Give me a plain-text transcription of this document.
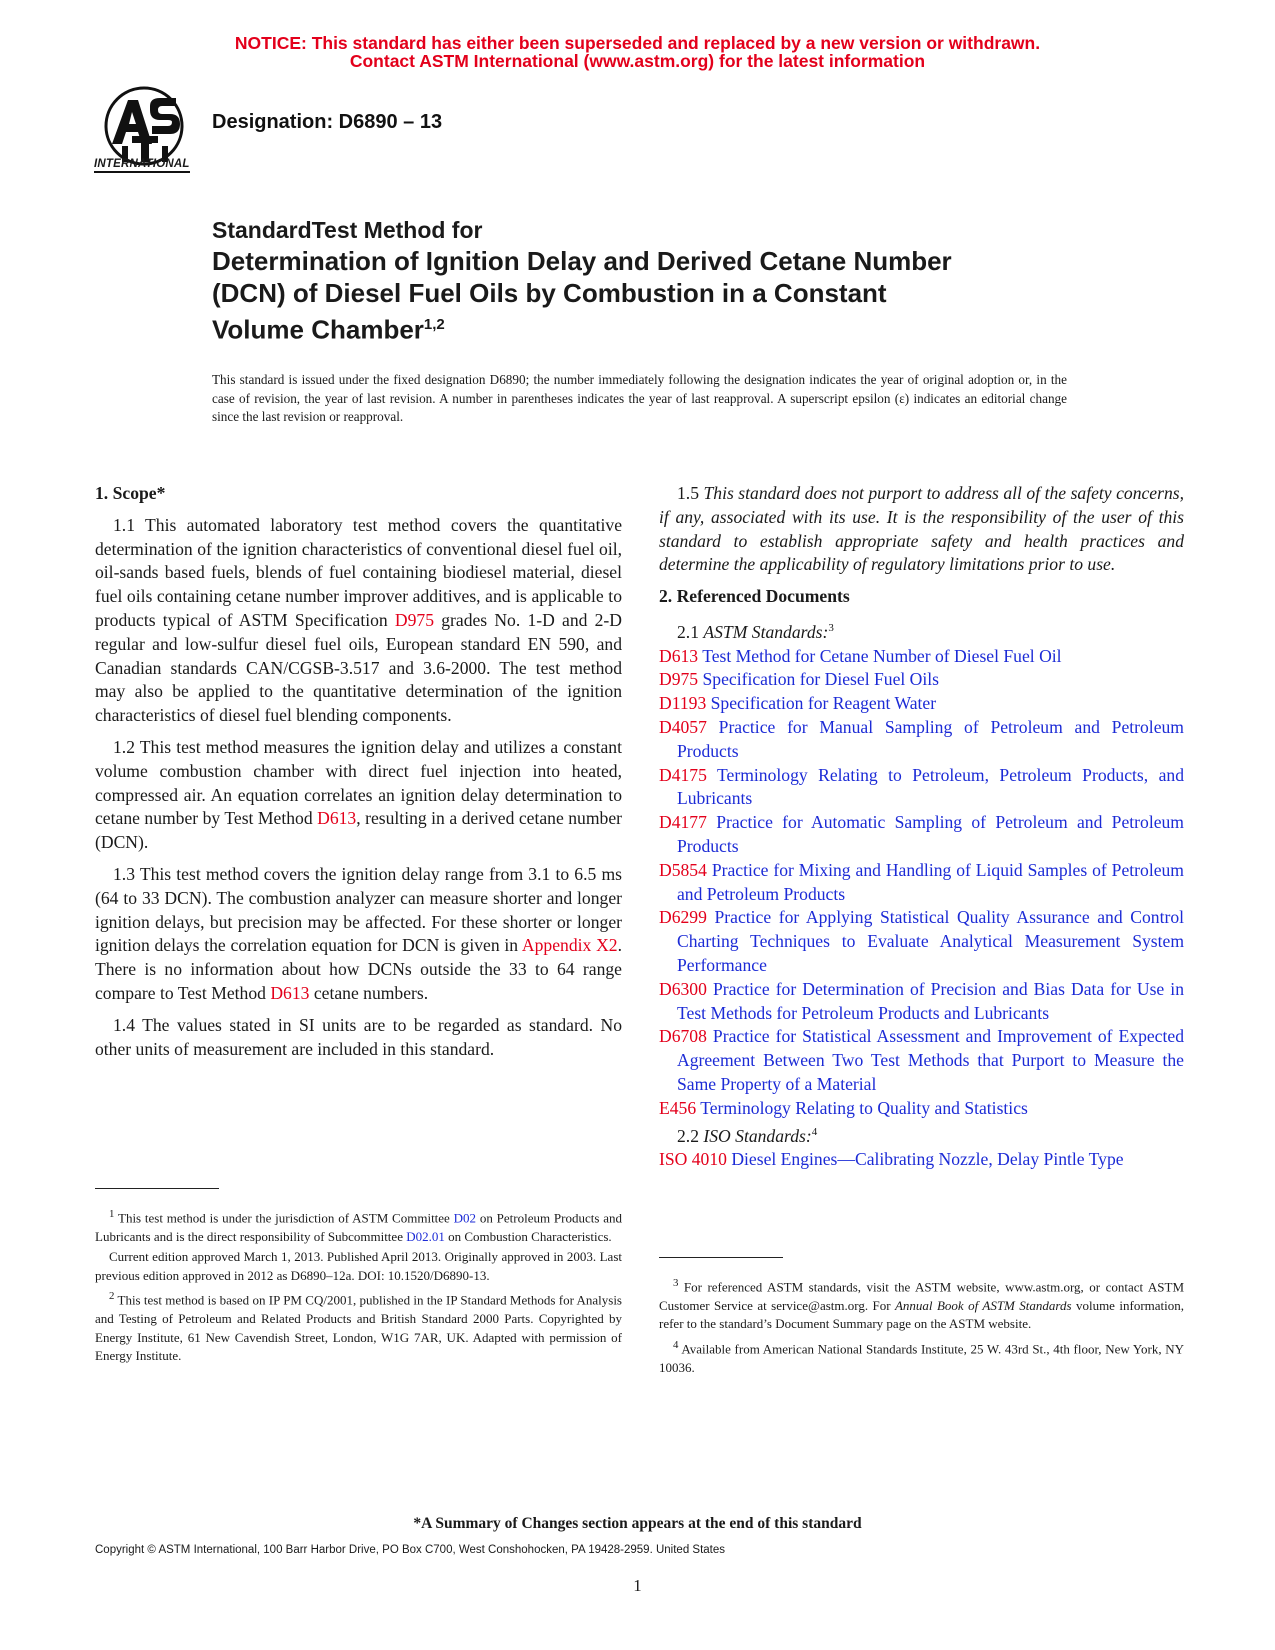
NOTICE: This standard has either been superseded and replaced by a new version or withdrawn.
Contact ASTM International (www.astm.org) for the latest information
INTERNATIONAL
Designation: D6890 – 13
StandardTest Method for
Determination of Ignition Delay and Derived Cetane Number
(DCN) of Diesel Fuel Oils by Combustion in a Constant
Volume Chamber$^{1,2}$
This standard is issued under the fixed designation D6890; the number immediately following the designation indicates the year of original adoption or, in the case of revision, the year of last revision. A number in parentheses indicates the year of last reapproval. A superscript epsilon (ε) indicates an editorial change since the last revision or reapproval.
1. Scope*

1.1 This automated laboratory test method covers the quantitative determination of the ignition characteristics of conventional diesel fuel oil, oil-sands based fuels, blends of fuel containing biodiesel material, diesel fuel oils containing cetane number improver additives, and is applicable to products typical of ASTM Specification D975 grades No. 1-D and 2-D regular and low-sulfur diesel fuel oils, European standard EN 590, and Canadian standards CAN/CGSB-3.517 and 3.6-2000. The test method may also be applied to the quantitative determination of the ignition characteristics of diesel fuel blending components.

1.2 This test method measures the ignition delay and utilizes a constant volume combustion chamber with direct fuel injection into heated, compressed air. An equation correlates an ignition delay determination to cetane number by Test Method D613, resulting in a derived cetane number (DCN).

1.3 This test method covers the ignition delay range from 3.1 to 6.5 ms (64 to 33 DCN). The combustion analyzer can measure shorter and longer ignition delays, but precision may be affected. For these shorter or longer ignition delays the correlation equation for DCN is given in Appendix X2. There is no information about how DCNs outside the 33 to 64 range compare to Test Method D613 cetane numbers.

1.4 The values stated in SI units are to be regarded as standard. No other units of measurement are included in this standard.

1.5 This standard does not purport to address all of the safety concerns, if any, associated with its use. It is the responsibility of the user of this standard to establish appropriate safety and health practices and determine the applicability of regulatory limitations prior to use.

2. Referenced Documents
2.1 ASTM Standards:$^3$
D613 Test Method for Cetane Number of Diesel Fuel Oil
D975 Specification for Diesel Fuel Oils
D1193 Specification for Reagent Water
D4057 Practice for Manual Sampling of Petroleum and Petroleum Products
D4175 Terminology Relating to Petroleum, Petroleum Products, and Lubricants
D4177 Practice for Automatic Sampling of Petroleum and Petroleum Products
D5854 Practice for Mixing and Handling of Liquid Samples of Petroleum and Petroleum Products
D6299 Practice for Applying Statistical Quality Assurance and Control Charting Techniques to Evaluate Analytical Measurement System Performance
D6300 Practice for Determination of Precision and Bias Data for Use in Test Methods for Petroleum Products and Lubricants
D6708 Practice for Statistical Assessment and Improvement of Expected Agreement Between Two Test Methods that Purport to Measure the Same Property of a Material
E456 Terminology Relating to Quality and Statistics
2.2 ISO Standards:$^4$
ISO 4010 Diesel Engines—Calibrating Nozzle, Delay Pintle Type

$^1$ This test method is under the jurisdiction of ASTM Committee D02 on Petroleum Products and Lubricants and is the direct responsibility of Subcommittee D02.01 on Combustion Characteristics.

Current edition approved March 1, 2013. Published April 2013. Originally approved in 2003. Last previous edition approved in 2012 as D6890–12a. DOI: 10.1520/D6890-13.

$^2$ This test method is based on IP PM CQ/2001, published in the IP Standard Methods for Analysis and Testing of Petroleum and Related Products and British Standard 2000 Parts. Copyrighted by Energy Institute, 61 New Cavendish Street, London, W1G 7AR, UK. Adapted with permission of Energy Institute.

$^3$ For referenced ASTM standards, visit the ASTM website, www.astm.org, or contact ASTM Customer Service at service@astm.org. For Annual Book of ASTM Standards volume information, refer to the standard’s Document Summary page on the ASTM website.

$^4$ Available from American National Standards Institute, 25 W. 43rd St., 4th floor, New York, NY 10036.

*A Summary of Changes section appears at the end of this standard
Copyright © ASTM International, 100 Barr Harbor Drive, PO Box C700, West Conshohocken, PA 19428-2959. United States
1
